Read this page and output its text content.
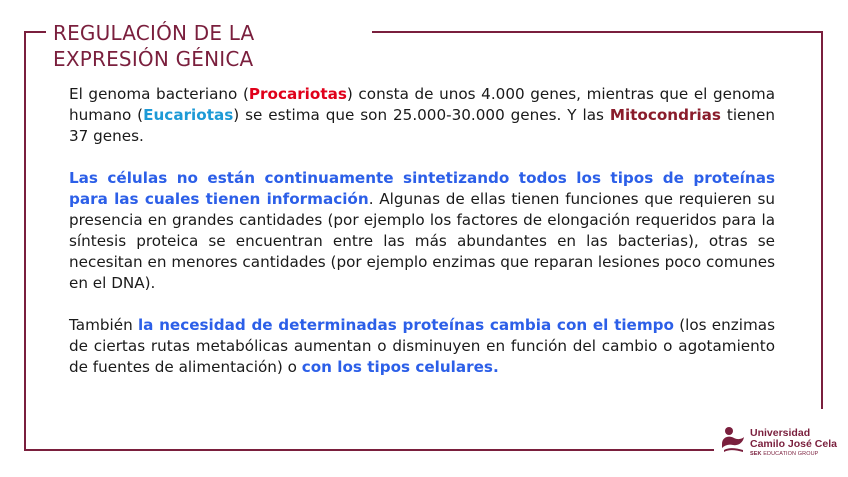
REGULACIÓN DE LA
EXPRESIÓN GÉNICA

El genoma bacteriano (Procariotas) consta de unos 4.000 genes, mientras que el genoma humano (Eucariotas) se estima que son 25.000-30.000 genes. Y las Mitocondrias tienen 37 genes.

Las células no están continuamente sintetizando todos los tipos de proteínas para las cuales tienen información. Algunas de ellas tienen funciones que requieren su presencia en grandes cantidades (por ejemplo los factores de elongación requeridos para la síntesis proteica se encuentran entre las más abundantes en las bacterias), otras se necesitan en menores cantidades (por ejemplo enzimas que reparan lesiones poco comunes en el DNA).

También la necesidad de determinadas proteínas cambia con el tiempo (los enzimas de ciertas rutas metabólicas aumentan o disminuyen en función del cambio o agotamiento de fuentes de alimentación) o con los tipos celulares.

Universidad
Camilo José Cela
SEK EDUCATION GROUP
